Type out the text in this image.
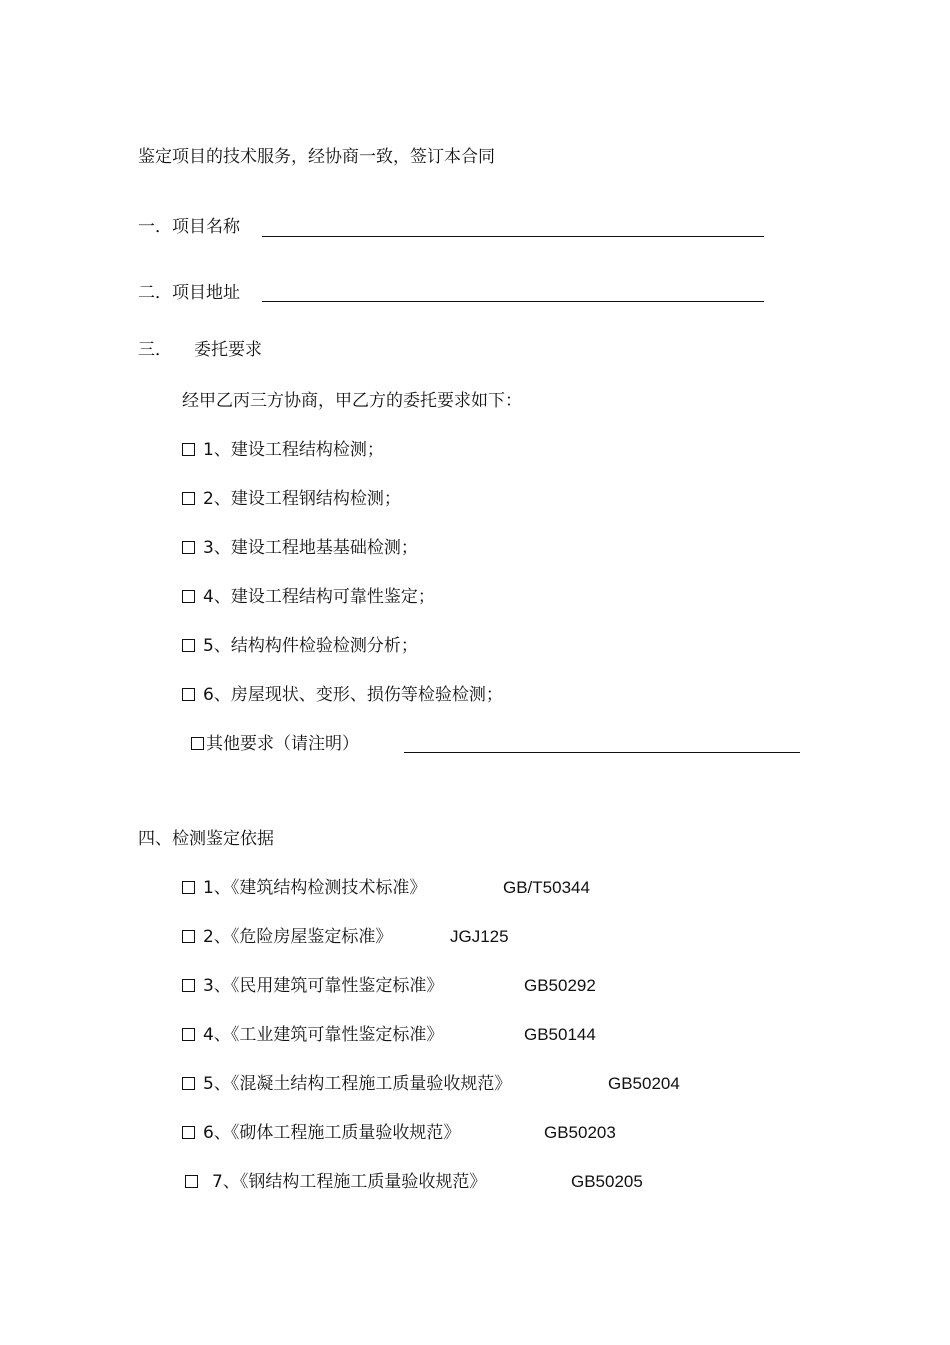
鉴定项目的技术服务，经协商一致，签订本合同
一．项目名称
二．项目地址
三． 委托要求
经甲乙丙三方协商，甲乙方的委托要求如下：
1、建设工程结构检测；
2、建设工程钢结构检测；
3、建设工程地基基础检测；
4、建设工程结构可靠性鉴定；
5、结构构件检验检测分析；
6、房屋现状、变形、损伤等检验检测；
其他要求（请注明）
四、检测鉴定依据
1、《建筑结构检测技术标准》	GB/T50344
2、《危险房屋鉴定标准》	JGJ125
3、《民用建筑可靠性鉴定标准》	GB50292
4、《工业建筑可靠性鉴定标准》	GB50144
5、《混凝土结构工程施工质量验收规范》	GB50204
6、《砌体工程施工质量验收规范》	GB50203
7、《钢结构工程施工质量验收规范》	GB50205
